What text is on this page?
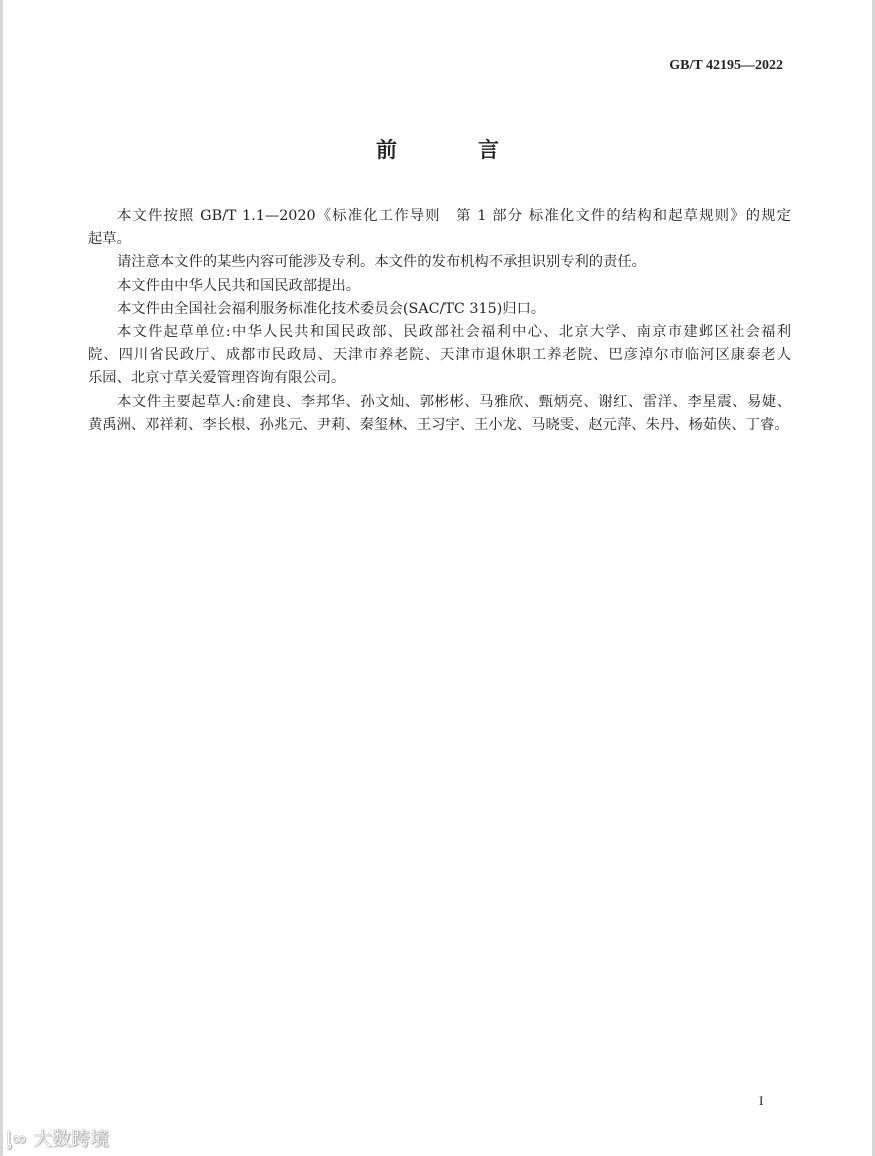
GB/T 42195—2022
前　言

本文件按照 GB/T 1.1—2020《标准化工作导则　第 1 部分 标准化文件的结构和起草规则》的规定
起草。

请注意本文件的某些内容可能涉及专利。本文件的发布机构不承担识别专利的责任。

本文件由中华人民共和国民政部提出。

本文件由全国社会福利服务标准化技术委员会(SAC/TC 315)归口。

本文件起草单位:中华人民共和国民政部、民政部社会福利中心、北京大学、南京市建邺区社会福利
院、四川省民政厅、成都市民政局、天津市养老院、天津市退休职工养老院、巴彦淖尔市临河区康泰老人
乐园、北京寸草关爱管理咨询有限公司。

本文件主要起草人:俞建良、李邦华、孙文灿、郭彬彬、马雅欣、甄炳亮、谢红、雷洋、李星震、易婕、
黄禹洲、邓祥莉、李长根、孙兆元、尹莉、秦玺林、王习宇、王小龙、马晓雯、赵元萍、朱丹、杨茹侠、丁睿。

I
ᶅ∞ 大数跨境
